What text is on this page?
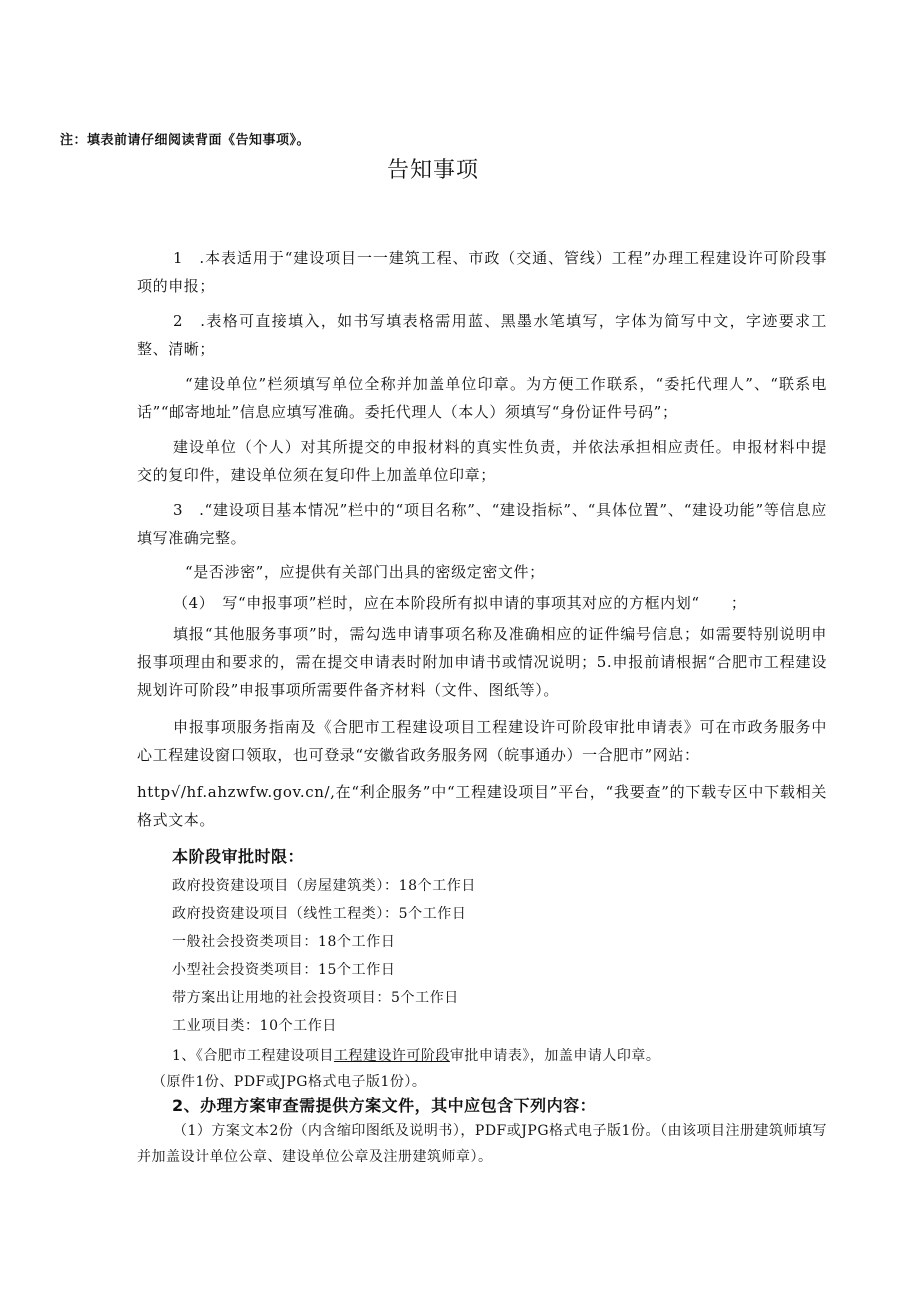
注：填表前请仔细阅读背面《告知事项》。
告知事项
1　.本表适用于“建设项目一一建筑工程、市政（交通、管线）工程”办理工程建设许可阶段事项的申报；
2　.表格可直接填入，如书写填表格需用蓝、黑墨水笔填写，字体为简写中文，字迹要求工整、清晰；
“建设单位”栏须填写单位全称并加盖单位印章。为方便工作联系，“委托代理人”、“联系电话”“邮寄地址”信息应填写准确。委托代理人（本人）须填写“身份证件号码”；
建设单位（个人）对其所提交的申报材料的真实性负责，并依法承担相应责任。申报材料中提交的复印件，建设单位须在复印件上加盖单位印章；
3　.“建设项目基本情况”栏中的“项目名称”、“建设指标”、“具体位置”、“建设功能”等信息应填写准确完整。
“是否涉密”，应提供有关部门出具的密级定密文件；
（4）　写“申报事项”栏时，应在本阶段所有拟申请的事项其对应的方框内划“　　；
填报“其他服务事项”时，需勾选申请事项名称及准确相应的证件编号信息；如需要特别说明申报事项理由和要求的，需在提交申请表时附加申请书或情况说明；5.申报前请根据“合肥市工程建设规划许可阶段”申报事项所需要件备齐材料（文件、图纸等）。
申报事项服务指南及《合肥市工程建设项目工程建设许可阶段审批申请表》可在市政务服务中心工程建设窗口领取，也可登录“安徽省政务服务网（皖事通办）一合肥市”网站：
http√/hf.ahzwfw.gov.cn/,在“利企服务”中“工程建设项目”平台，“我要查”的下载专区中下载相关格式文本。
本阶段审批时限：
政府投资建设项目（房屋建筑类）：18个工作日
政府投资建设项目（线性工程类）：5个工作日
一般社会投资类项目：18个工作日
小型社会投资类项目：15个工作日
带方案出让用地的社会投资项目：5个工作日
工业项目类：10个工作日
1、《合肥市工程建设项目工程建设许可阶段审批申请表》，加盖申请人印章。
（原件1份、PDF或JPG格式电子版1份）。
2、办理方案审查需提供方案文件，其中应包含下列内容：
（1）方案文本2份（内含缩印图纸及说明书），PDF或JPG格式电子版1份。（由该项目注册建筑师填写并加盖设计单位公章、建设单位公章及注册建筑师章）。
